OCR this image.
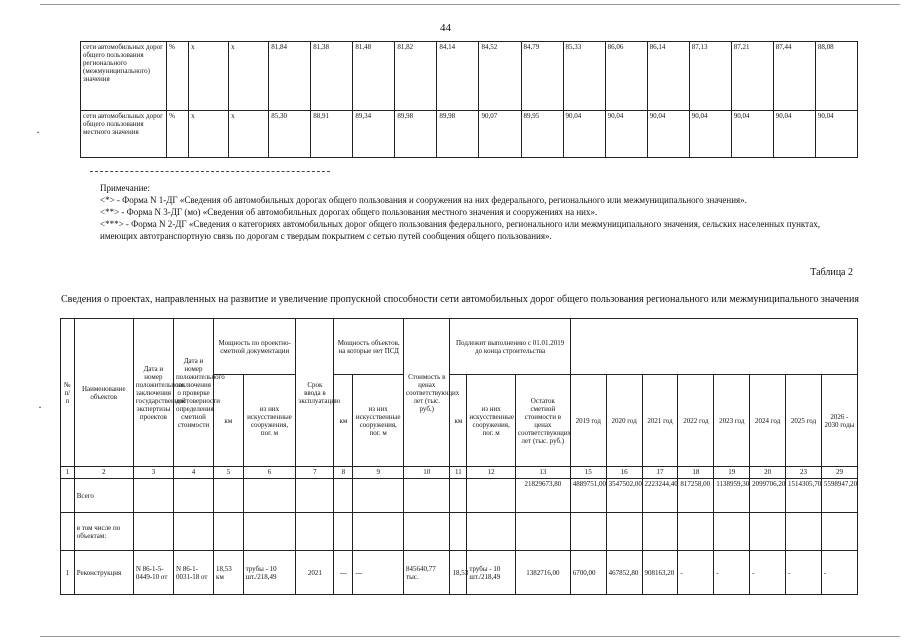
44
сети автомобильных дорог общего пользования регионального (межмуниципального) значения	%	х	х	81,84	81,38	81,48	81,82	84,14	84,52	84,79	85,33	86,06	86,14	87,13	87,21	87,44	88,08
сети автомобильных дорог общего пользования местного значения	%	х	х	85,30	88,91	89,34	89,98	89,98	90,07	89,95	90,04	90,04	90,04	90,04	90,04	90,04	90,04
·

Примечание:

<*> - Форма N 1-ДГ «Сведения об автомобильных дорогах общего пользования и сооружения на них федерального, регионального или межмуниципального значения».

<**> - Форма N 3-ДГ (мо) «Сведения об автомобильных дорогах общего пользования местного значения и сооружениях на них».

<***> - Форма N 2-ДГ «Сведения о категориях автомобильных дорог общего пользования федерального, регионального или межмуниципального значения, сельских населенных пунктах, имеющих автотранспортную связь по дорогам с твердым покрытием с сетью путей сообщения общего пользования».

Таблица 2
Сведения о проектах, направленных на развитие и увеличение пропускной способности сети автомобильных дорог общего пользования регионального или межмуниципального значения
·
№ п/ п	Наименование объектов	Дата и номер положительного заключения государственной экспертизы проектов	Дата и номер положительного заключения о проверке достоверности определения сметной стоимости	Мощность по проектно-сметной документации		Срок ввода в эксплуатацию	Мощность объектов, на которые нет ПСД		Стоимость в ценах соответствующих лет (тыс. руб.)	Подлежит выполнению с 01.01.2019 до конца строительства										
				км	из них искусственные сооружения, пог. м		км	из них искусственные сооружения, пог. м		км	из них искусственные сооружения, пог. м	Остаток сметной стоимости в ценах соответствующих лет (тыс. руб.)	2019 год	2020 год	2021 год	2022 год	2023 год	2024 год	2025 год	2026 - 2030 годы
1	2	3	4	5	6	7	8	9	10	11	12	13	15	16	17	18	19	20	23	29
	Всего											21829673,80	4889751,00	3547502,00	2223244,40	817258,00	1138959,30	2099706,20	1514305,70	5598947,20
	в том числе по объектам:																			
1	Реконструкция	N 86-1-5-0449-10 от	N 86-1-0031-18 от	18,53 км	трубы - 10 шт./218,49	2021	---	---	845640,77 тыс.	18,53	трубы - 10 шт./218,49	1382716,00	6700,00	467852,80	908163,20	-	-	-	-	-
